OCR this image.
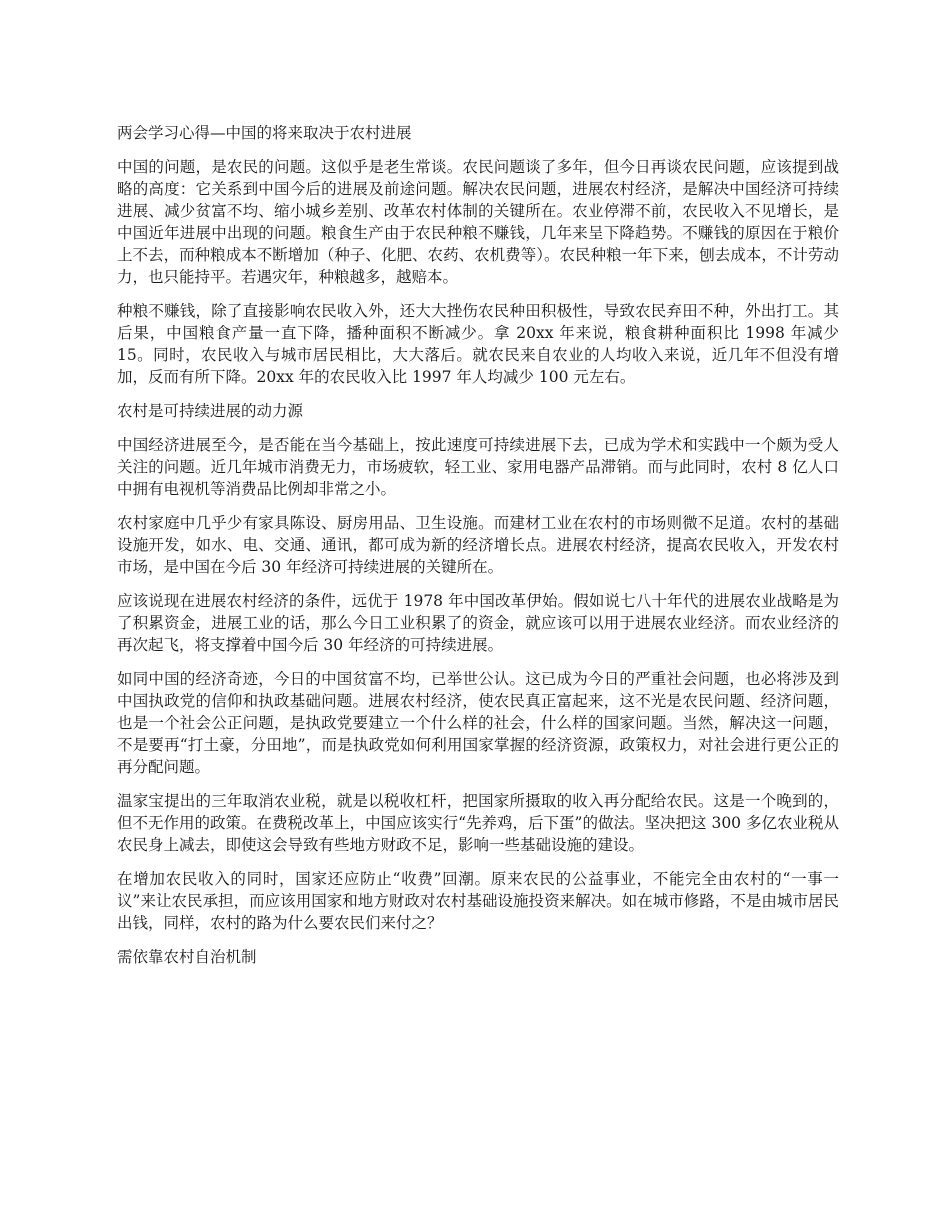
两会学习心得—中国的将来取决于农村进展
中国的问题，是农民的问题。这似乎是老生常谈。农民问题谈了多年，但今日再谈农民问题，应该提到战略的高度：它关系到中国今后的进展及前途问题。解决农民问题，进展农村经济，是解决中国经济可持续进展、减少贫富不均、缩小城乡差别、改革农村体制的关键所在。农业停滞不前，农民收入不见增长，是中国近年进展中出现的问题。粮食生产由于农民种粮不赚钱，几年来呈下降趋势。不赚钱的原因在于粮价上不去，而种粮成本不断增加（种子、化肥、农药、农机费等）。农民种粮一年下来，刨去成本，不计劳动力，也只能持平。若遇灾年，种粮越多，越赔本。
种粮不赚钱，除了直接影响农民收入外，还大大挫伤农民种田积极性，导致农民弃田不种，外出打工。其后果，中国粮食产量一直下降，播种面积不断减少。拿 20xx 年来说，粮食耕种面积比 1998 年减少 15。同时，农民收入与城市居民相比，大大落后。就农民来自农业的人均收入来说，近几年不但没有增加，反而有所下降。20xx 年的农民收入比 1997 年人均减少 100 元左右。
农村是可持续进展的动力源
中国经济进展至今，是否能在当今基础上，按此速度可持续进展下去，已成为学术和实践中一个颇为受人关注的问题。近几年城市消费无力，市场疲软，轻工业、家用电器产品滞销。而与此同时，农村 8 亿人口中拥有电视机等消费品比例却非常之小。
农村家庭中几乎少有家具陈设、厨房用品、卫生设施。而建材工业在农村的市场则微不足道。农村的基础设施开发，如水、电、交通、通讯，都可成为新的经济增长点。进展农村经济，提高农民收入，开发农村市场，是中国在今后 30 年经济可持续进展的关键所在。
应该说现在进展农村经济的条件，远优于 1978 年中国改革伊始。假如说七八十年代的进展农业战略是为了积累资金，进展工业的话，那么今日工业积累了的资金，就应该可以用于进展农业经济。而农业经济的再次起飞，将支撑着中国今后 30 年经济的可持续进展。
如同中国的经济奇迹，今日的中国贫富不均，已举世公认。这已成为今日的严重社会问题，也必将涉及到中国执政党的信仰和执政基础问题。进展农村经济，使农民真正富起来，这不光是农民问题、经济问题，也是一个社会公正问题，是执政党要建立一个什么样的社会，什么样的国家问题。当然，解决这一问题，不是要再“打土豪，分田地”，而是执政党如何利用国家掌握的经济资源，政策权力，对社会进行更公正的再分配问题。
温家宝提出的三年取消农业税，就是以税收杠杆，把国家所摄取的收入再分配给农民。这是一个晚到的，但不无作用的政策。在费税改革上，中国应该实行“先养鸡，后下蛋”的做法。坚决把这 300 多亿农业税从农民身上减去，即使这会导致有些地方财政不足，影响一些基础设施的建设。
在增加农民收入的同时，国家还应防止“收费”回潮。原来农民的公益事业，不能完全由农村的“一事一议”来让农民承担，而应该用国家和地方财政对农村基础设施投资来解决。如在城市修路，不是由城市居民出钱，同样，农村的路为什么要农民们来付之？
需依靠农村自治机制
